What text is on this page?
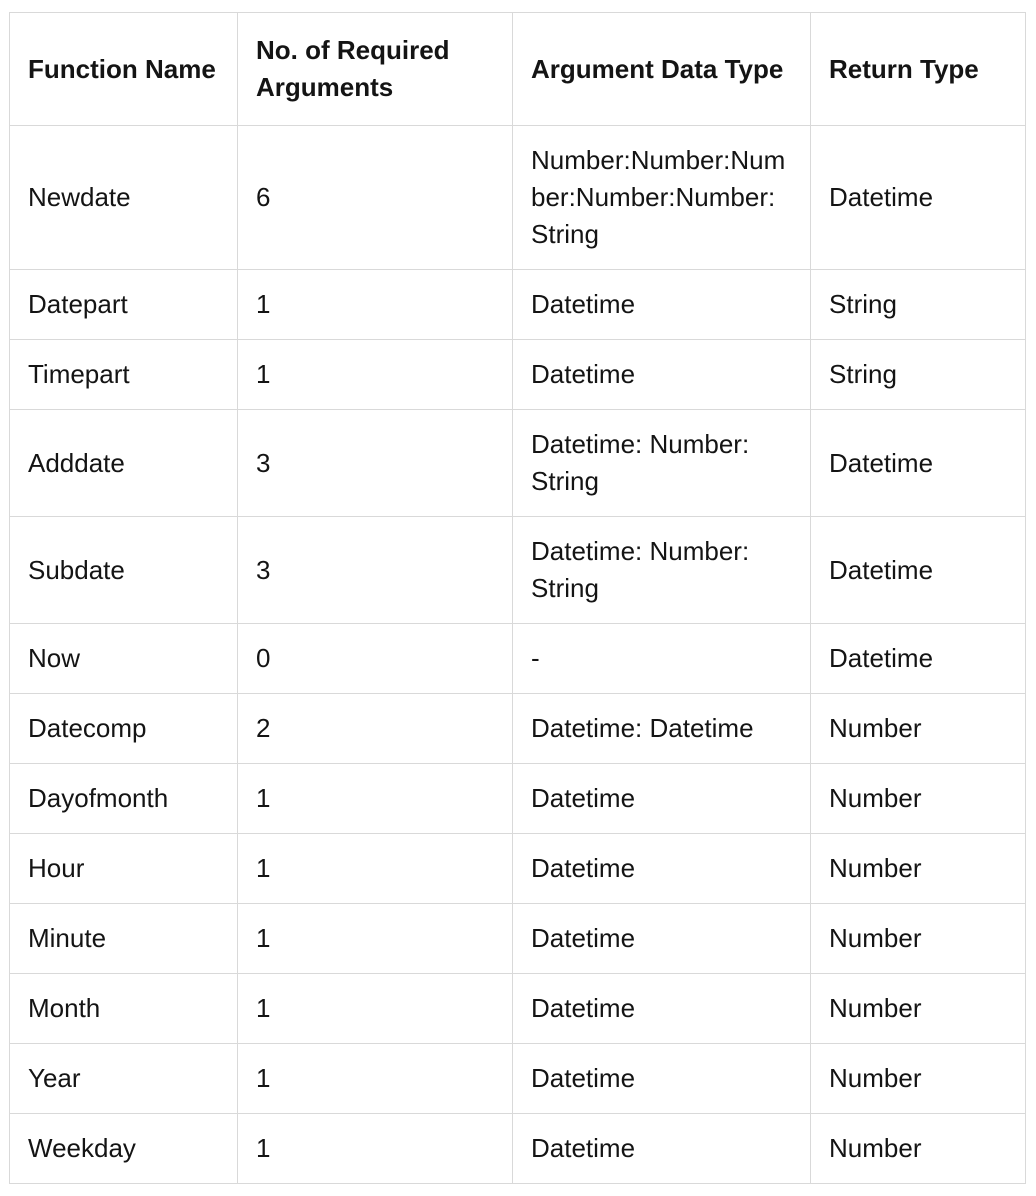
Function Name	No. of Required Arguments	Argument Data Type	Return Type
Newdate	6	Number:Number:Number:Number:Number:String	Datetime
Datepart	1	Datetime	String
Timepart	1	Datetime	String
Adddate	3	Datetime: Number: String	Datetime
Subdate	3	Datetime: Number: String	Datetime
Now	0	-	Datetime
Datecomp	2	Datetime: Datetime	Number
Dayofmonth	1	Datetime	Number
Hour	1	Datetime	Number
Minute	1	Datetime	Number
Month	1	Datetime	Number
Year	1	Datetime	Number
Weekday	1	Datetime	Number
